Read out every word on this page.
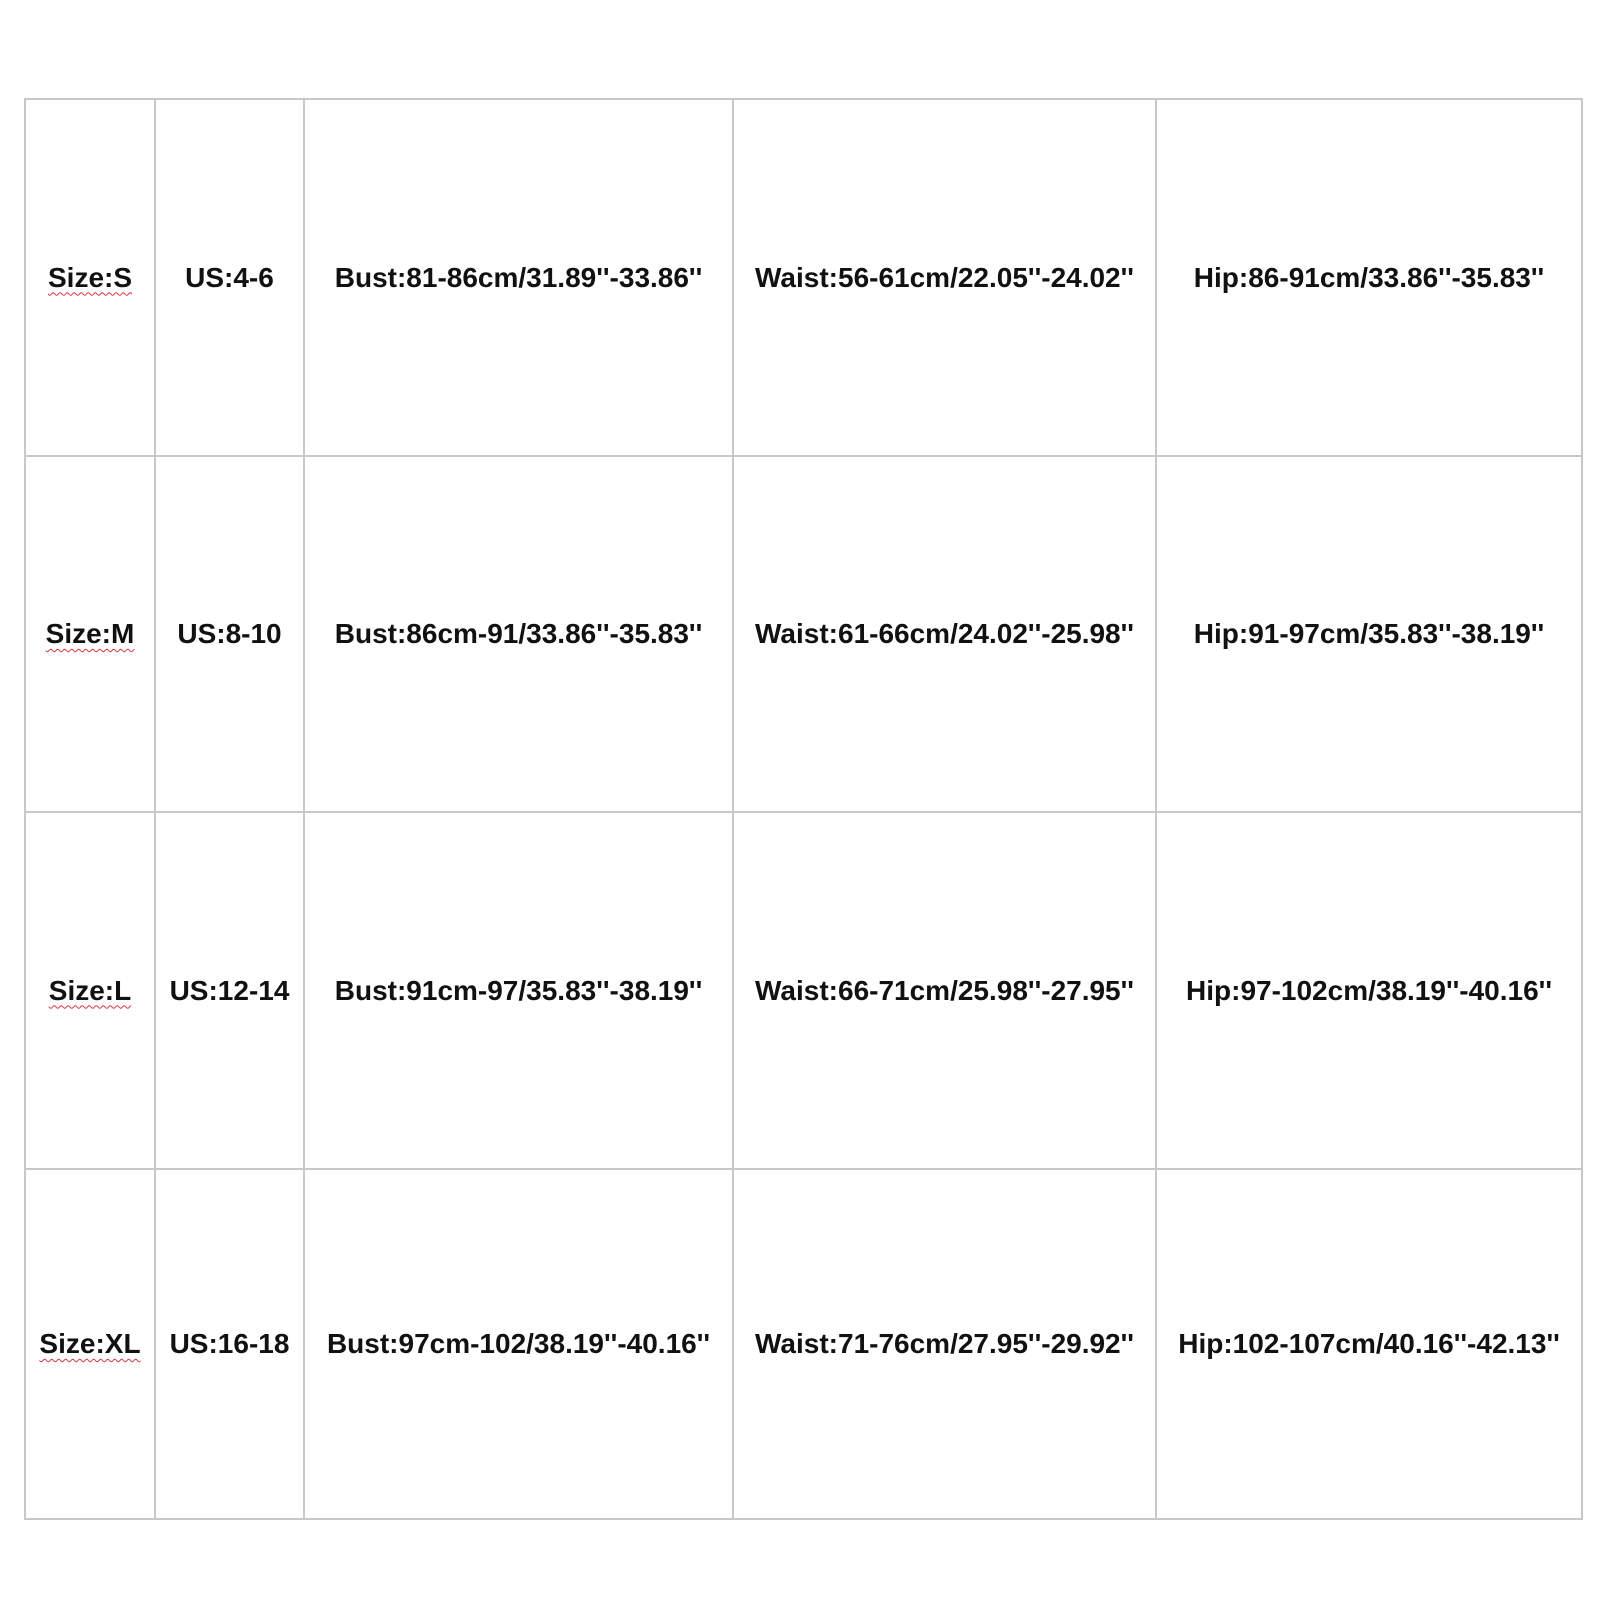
Size:S	US:4-6	Bust:81-86cm/31.89''-33.86''	Waist:56-61cm/22.05''-24.02''	Hip:86-91cm/33.86''-35.83''
Size:M	US:8-10	Bust:86cm-91/33.86''-35.83''	Waist:61-66cm/24.02''-25.98''	Hip:91-97cm/35.83''-38.19''
Size:L	US:12-14	Bust:91cm-97/35.83''-38.19''	Waist:66-71cm/25.98''-27.95''	Hip:97-102cm/38.19''-40.16''
Size:XL	US:16-18	Bust:97cm-102/38.19''-40.16''	Waist:71-76cm/27.95''-29.92''	Hip:102-107cm/40.16''-42.13''
